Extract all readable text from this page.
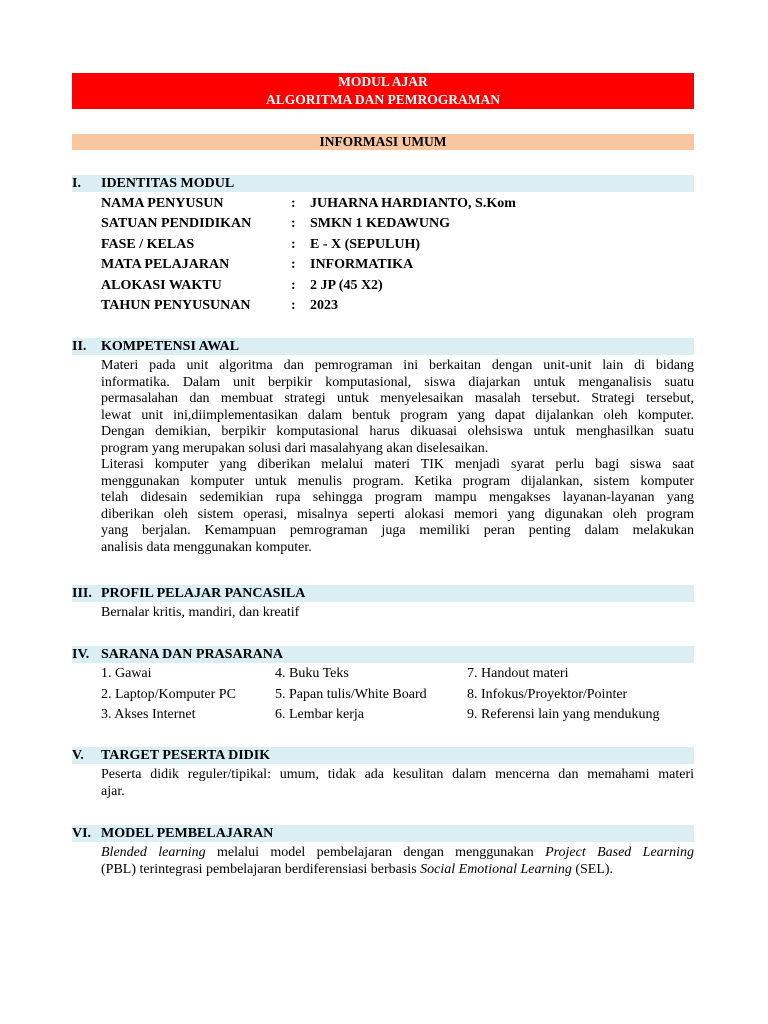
MODUL AJAR
ALGORITMA DAN PEMROGRAMAN
INFORMASI UMUM
I. IDENTITAS MODUL
NAMA PENYUSUN	: JUHARNA HARDIANTO, S.Kom
SATUAN PENDIDIKAN	: SMKN 1 KEDAWUNG
FASE / KELAS	: E - X (SEPULUH)
MATA PELAJARAN	: INFORMATIKA
ALOKASI WAKTU	: 2 JP (45 X2)
TAHUN PENYUSUNAN	: 2023
II. KOMPETENSI AWAL
Materi pada unit algoritma dan pemrograman ini berkaitan dengan unit-unit lain di bidang
informatika. Dalam unit berpikir komputasional, siswa diajarkan untuk menganalisis suatu
permasalahan dan membuat strategi untuk menyelesaikan masalah tersebut. Strategi tersebut,
lewat unit ini,diimplementasikan dalam bentuk program yang dapat dijalankan oleh komputer.
Dengan demikian, berpikir komputasional harus dikuasai olehsiswa untuk menghasilkan suatu
program yang merupakan solusi dari masalahyang akan diselesaikan.
Literasi komputer yang diberikan melalui materi TIK menjadi syarat perlu bagi siswa saat
menggunakan komputer untuk menulis program. Ketika program dijalankan, sistem komputer
telah didesain sedemikian rupa sehingga program mampu mengakses layanan-layanan yang
diberikan oleh sistem operasi, misalnya seperti alokasi memori yang digunakan oleh program
yang berjalan. Kemampuan pemrograman juga memiliki peran penting dalam melakukan
analisis data menggunakan komputer.
III. PROFIL PELAJAR PANCASILA
Bernalar kritis, mandiri, dan kreatif
IV. SARANA DAN PRASARANA
1. Gawai	4. Buku Teks	7. Handout materi
2. Laptop/Komputer PC	5. Papan tulis/White Board	8. Infokus/Proyektor/Pointer
3. Akses Internet	6. Lembar kerja	9. Referensi lain yang mendukung
V. TARGET PESERTA DIDIK
Peserta didik reguler/tipikal: umum, tidak ada kesulitan dalam mencerna dan memahami materi
ajar.
VI. MODEL PEMBELAJARAN
Blended learning melalui model pembelajaran dengan menggunakan Project Based Learning
(PBL) terintegrasi pembelajaran berdiferensiasi berbasis Social Emotional Learning (SEL).
